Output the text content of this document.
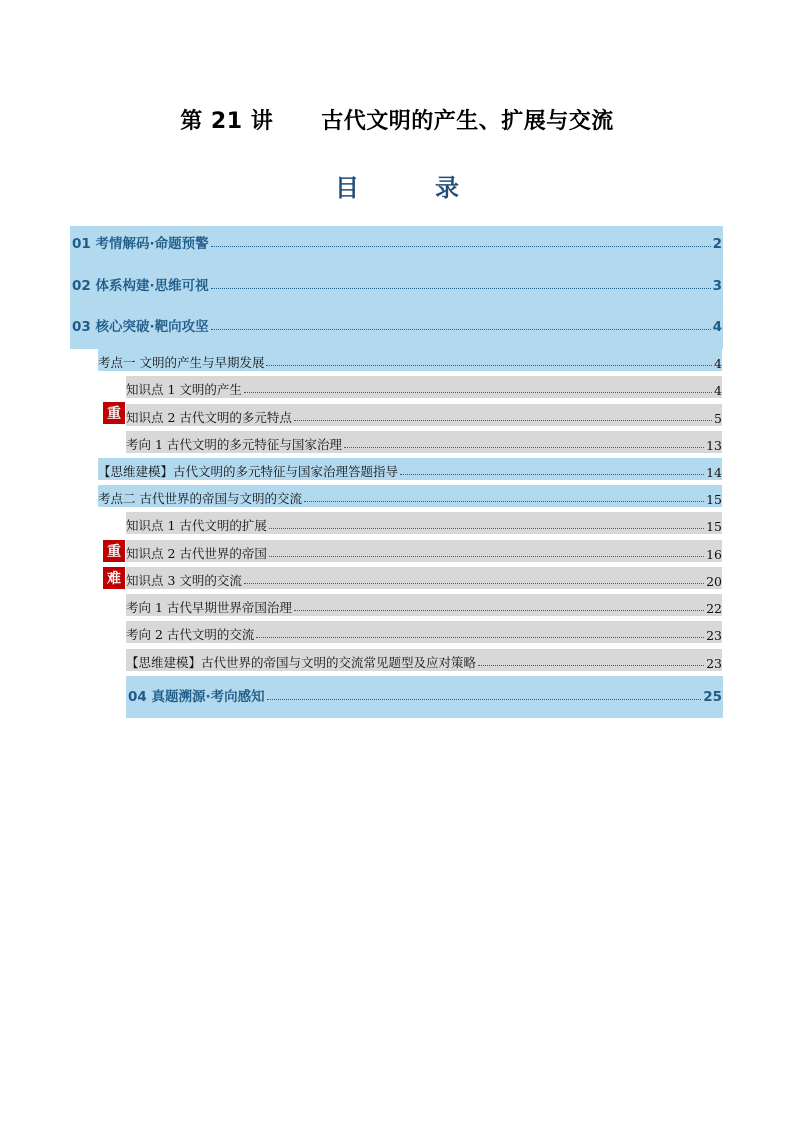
第 21 讲 古代文明的产生、扩展与交流
目	录
01 考情解码·命题预警	2
02 体系构建·思维可视	3
03 核心突破·靶向攻坚	4
考点一 文明的产生与早期发展	4
知识点 1 文明的产生	4
知识点 2 古代文明的多元特点	5
考向 1 古代文明的多元特征与国家治理	13
【思维建模】古代文明的多元特征与国家治理答题指导	14
考点二 古代世界的帝国与文明的交流	15
知识点 1 古代文明的扩展	15
知识点 2 古代世界的帝国	16
知识点 3 文明的交流	20
考向 1 古代早期世界帝国治理	22
考向 2 古代文明的交流	23
【思维建模】古代世界的帝国与文明的交流常见题型及应对策略	23
04 真题溯源·考向感知	25
重
重
难
